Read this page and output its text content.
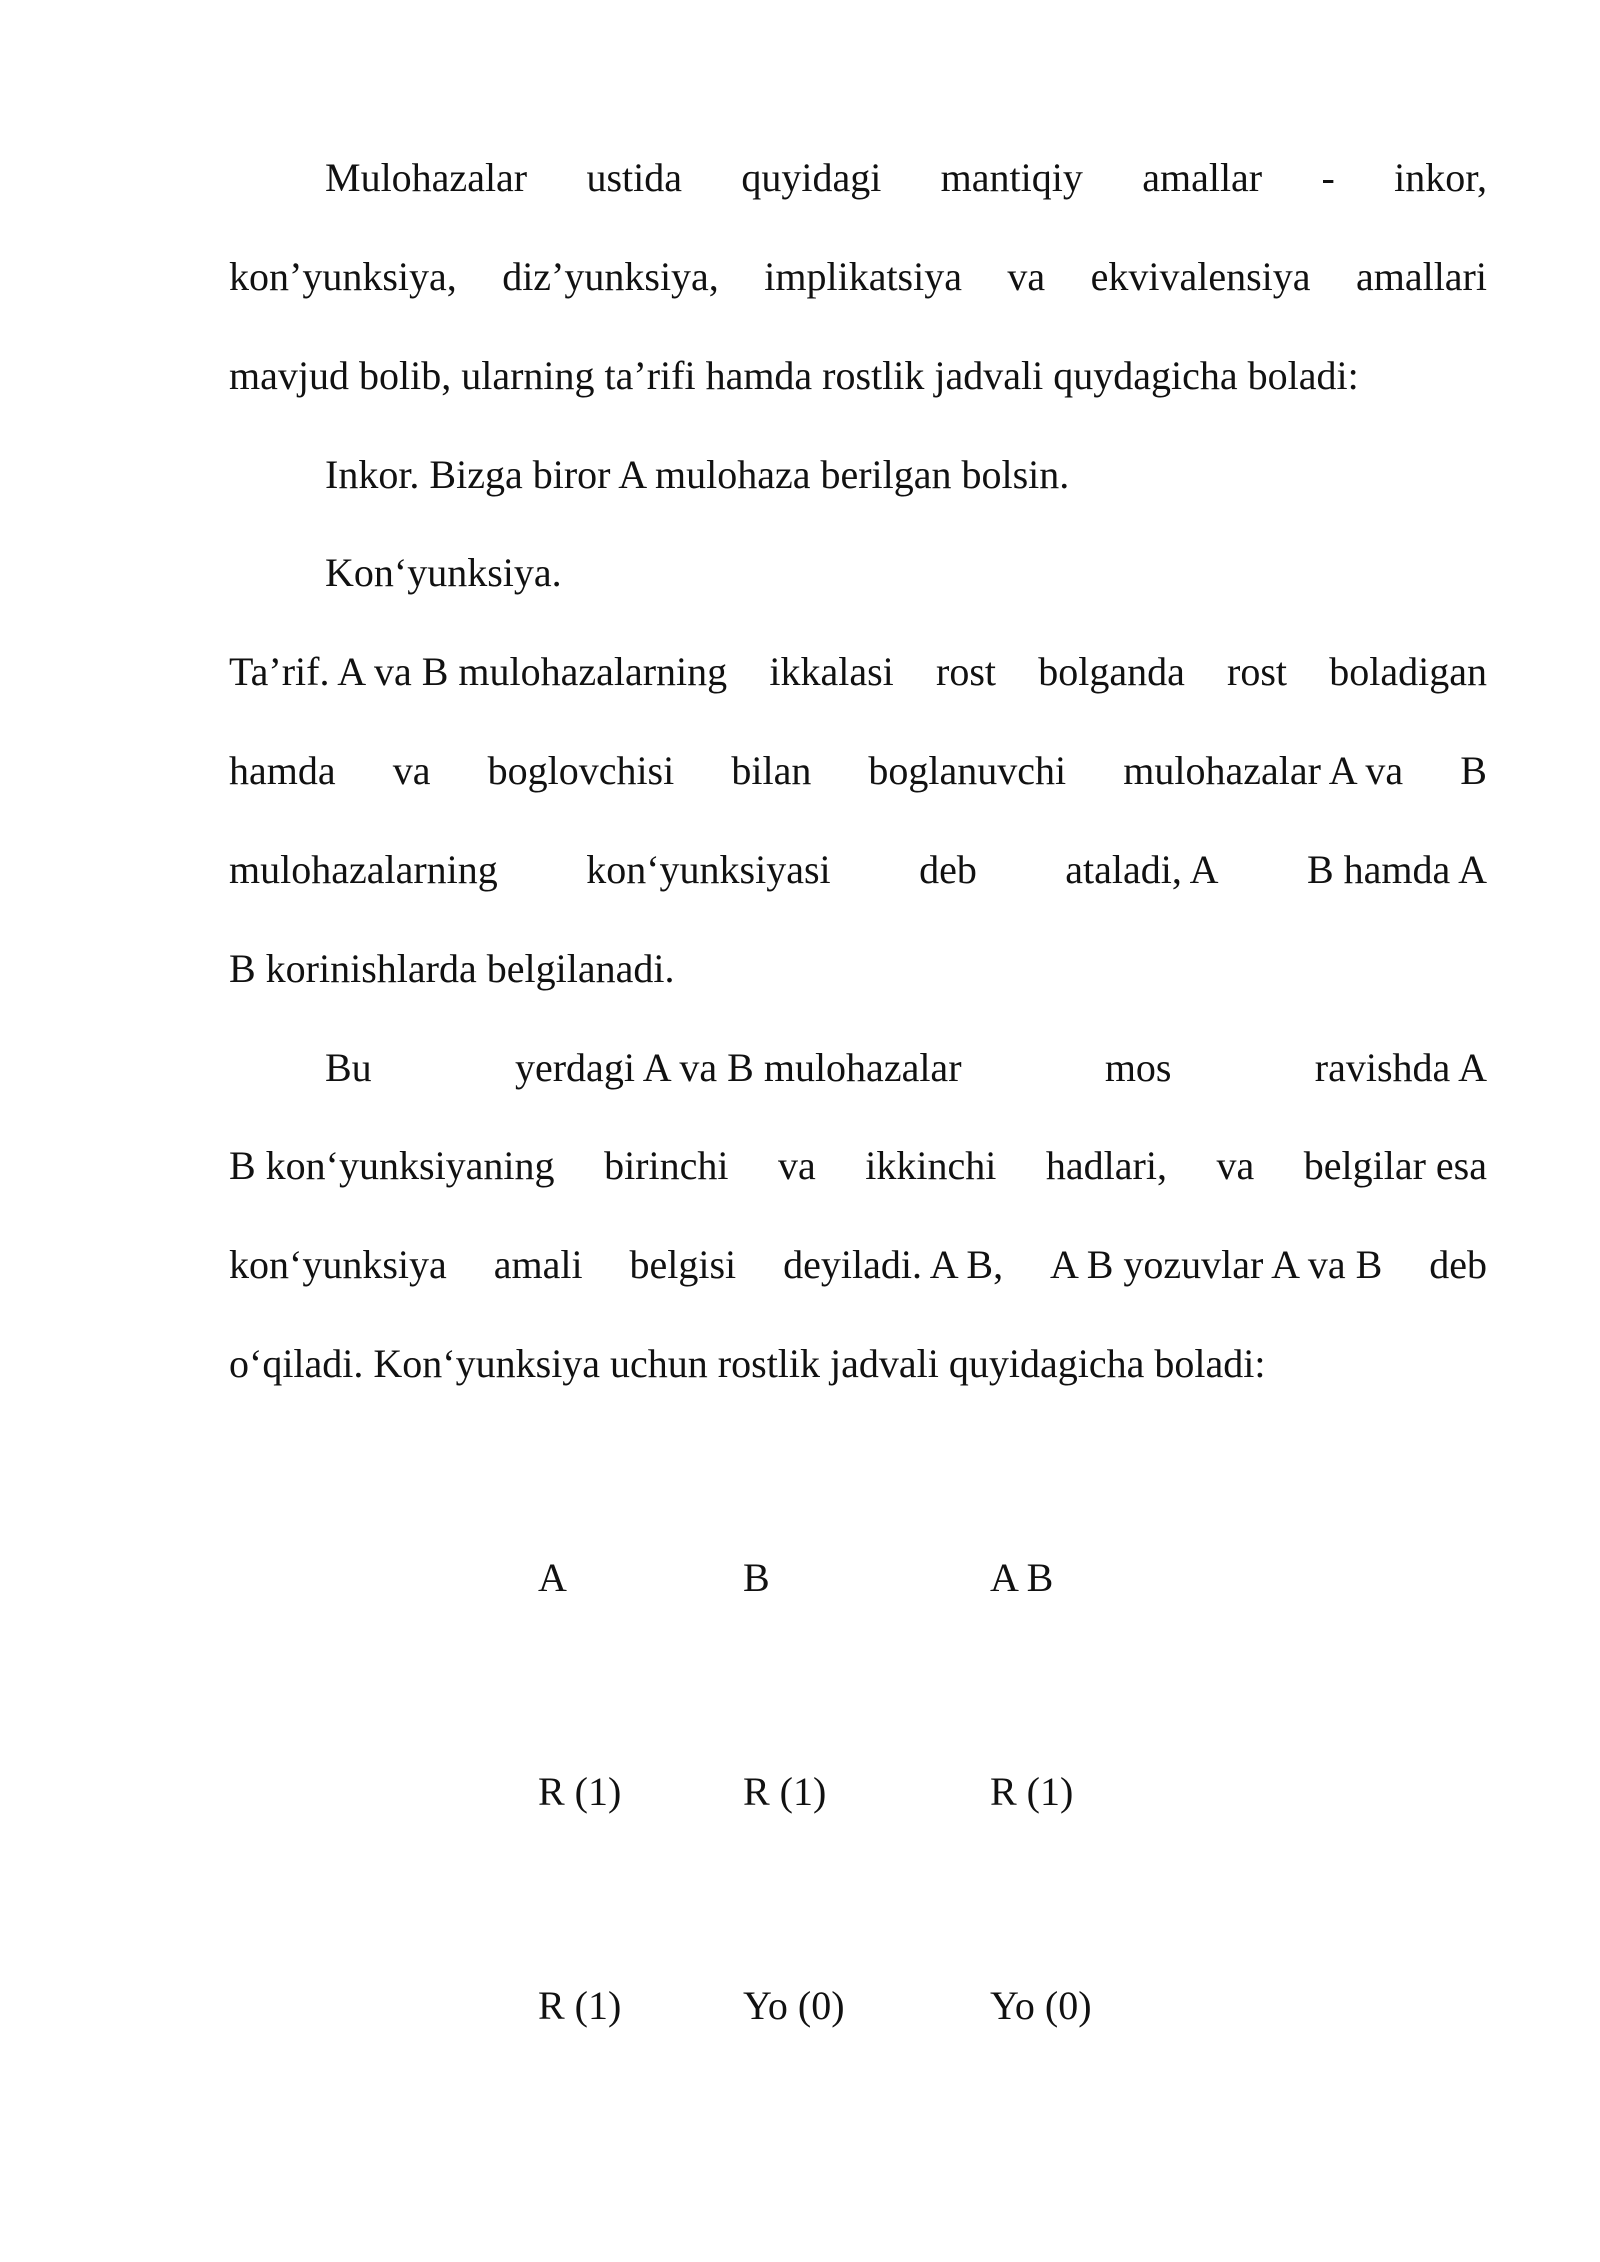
Mulohazalar ustida quyidagi mantiqiy amallar - inkor,
kon’yunksiya, diz’yunksiya, implikatsiya va ekvivalensiya amallari
mavjud bolib, ularning ta’rifi hamda rostlik jadvali quydagicha boladi:
Inkor. Bizga biror A mulohaza berilgan bolsin.
Kon‘yunksiya.
Ta’rif. A va B mulohazalarning ikkalasi rost bolganda rost boladigan
hamda va boglovchisi bilan boglanuvchi mulohazalar A va B
mulohazalarning kon‘yunksiyasi deb ataladi, A B hamda A
B korinishlarda belgilanadi.
Bu	yerdagi A va B mulohazalar	mos	ravishda A
B kon‘yunksiyaning birinchi va ikkinchi hadlari, va belgilar esa
kon‘yunksiya amali belgisi deyiladi. A B, A B yozuvlar A va B deb
o‘qiladi. Kon‘yunksiya uchun rostlik jadvali quyidagicha boladi:
A	B	A B
R (1)	R (1)	R (1)
R (1)	Yo (0)	Yo (0)
